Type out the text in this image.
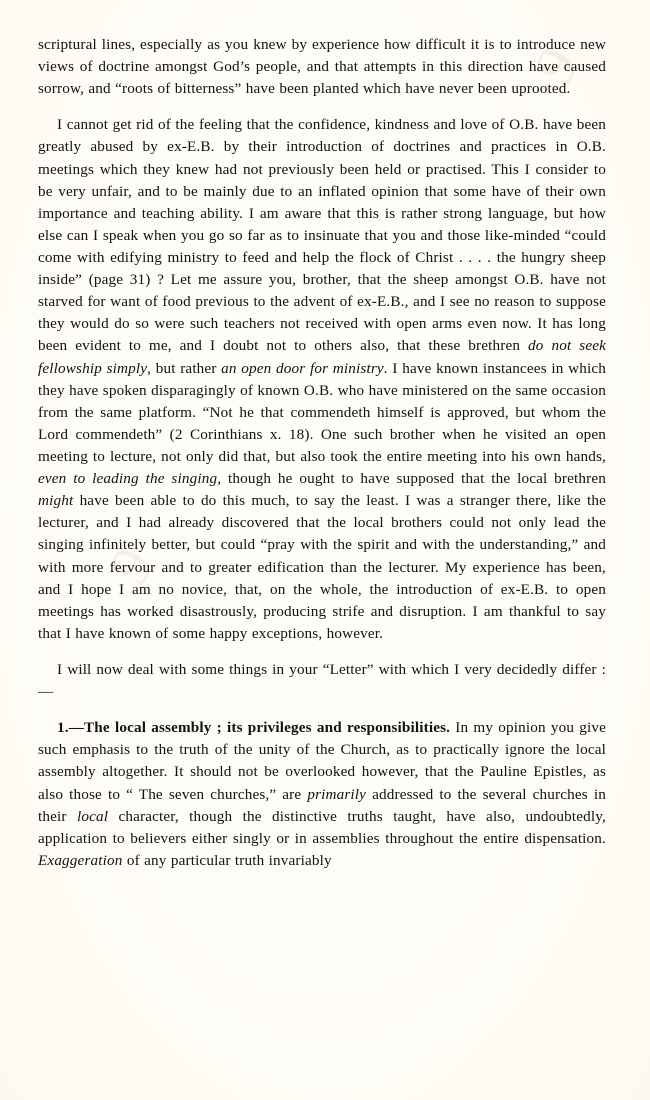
9
9

scriptural lines, especially as you knew by experience how difficult it is to introduce new views of doctrine amongst God’s people, and that attempts in this direction have caused sorrow, and “roots of bitterness” have been planted which have never been uprooted.

I cannot get rid of the feeling that the confidence, kindness and love of O.B. have been greatly abused by ex-E.B. by their introduction of doctrines and practices in O.B. meetings which they knew had not previously been held or practised. This I consider to be very unfair, and to be mainly due to an inflated opinion that some have of their own importance and teaching ability. I am aware that this is rather strong language, but how else can I speak when you go so far as to insinuate that you and those like-minded “could come with edifying ministry to feed and help the flock of Christ . . . . the hungry sheep inside” (page 31) ? Let me assure you, brother, that the sheep amongst O.B. have not starved for want of food previous to the advent of ex-E.B., and I see no reason to suppose they would do so were such teachers not received with open arms even now. It has long been evident to me, and I doubt not to others also, that these brethren do not seek fellowship simply, but rather an open door for ministry. I have known instancees in which they have spoken disparagingly of known O.B. who have ministered on the same occasion from the same platform. “Not he that commendeth himself is approved, but whom the Lord commendeth” (2 Corinthians x. 18). One such brother when he visited an open meeting to lecture, not only did that, but also took the entire meeting into his own hands, even to leading the singing, though he ought to have supposed that the local brethren might have been able to do this much, to say the least. I was a stranger there, like the lecturer, and I had already discovered that the local brothers could not only lead the singing infinitely better, but could “pray with the spirit and with the understanding,” and with more fervour and to greater edification than the lecturer. My experience has been, and I hope I am no novice, that, on the whole, the introduction of ex-E.B. to open meetings has worked disastrously, producing strife and disruption. I am thankful to say that I have known of some happy exceptions, however.

I will now deal with some things in your “Letter” with which I very decidedly differ :—

1.—The local assembly ; its privileges and responsibilities. In my opinion you give such emphasis to the truth of the unity of the Church, as to practically ignore the local assembly altogether. It should not be overlooked however, that the Pauline Epistles, as also those to “ The seven churches,” are primarily addressed to the several churches in their local character, though the distinctive truths taught, have also, undoubtedly, application to believers either singly or in assemblies throughout the entire dispensation. Exaggeration of any particular truth invariably
